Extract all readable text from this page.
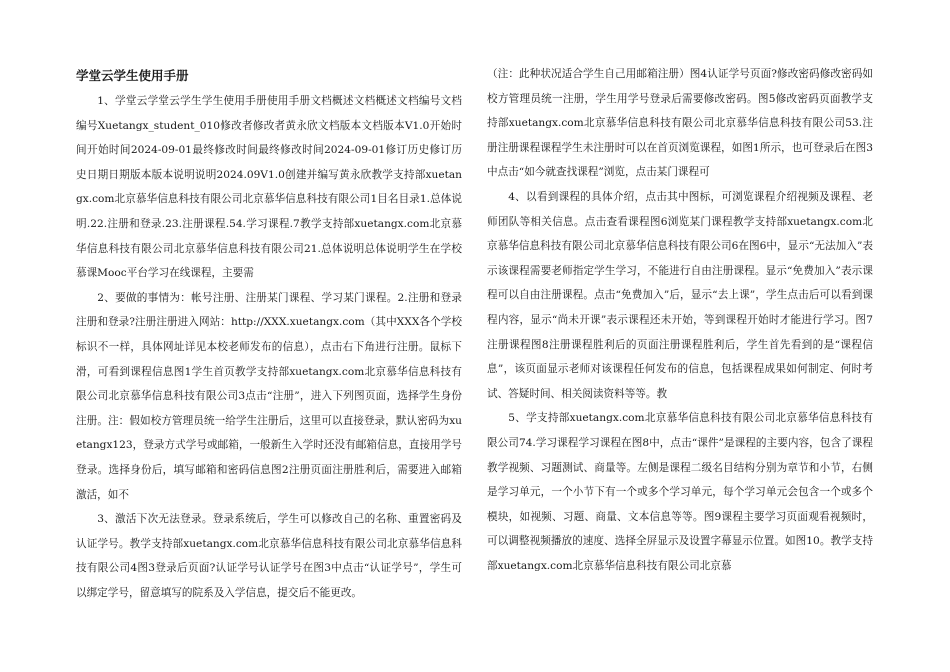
学堂云学生使用手册

1、学堂云学堂云学生学生使用手册使用手册文档概述文档概述文档编号文档编号Xuetangx_student_010修改者修改者黄永欣文档版本文档版本V1.0开始时间开始时间2024-09-01最终修改时间最终修改时间2024-09-01修订历史修订历史日期日期版本版本说明说明2024.09V1.0创建并编写黄永欣教学支持部xuetangx.com北京慕华信息科技有限公司北京慕华信息科技有限公司1目名目录1.总体说明.22.注册和登录.23.注册课程.54.学习课程.7教学支持部xuetangx.com北京慕华信息科技有限公司北京慕华信息科技有限公司21.总体说明总体说明学生在学校慕课Mooc平台学习在线课程，主要需

2、要做的事情为：帐号注册、注册某门课程、学习某门课程。2.注册和登录注册和登录?注册注册进入网站：http://XXX.xuetangx.com（其中XXX各个学校标识不一样，具体网址详见本校老师发布的信息），点击右下角进行注册。鼠标下滑，可看到课程信息图1学生首页教学支持部xuetangx.com北京慕华信息科技有限公司北京慕华信息科技有限公司3点击“注册”，进入下列图页面，选择学生身份注册。注：假如校方管理员统一给学生注册后，这里可以直接登录，默认密码为xuetangx123，登录方式学号或邮箱，一般新生入学时还没有邮箱信息，直接用学号登录。选择身份后，填写邮箱和密码信息图2注册页面注册胜利后，需要进入邮箱激活，如不

3、激活下次无法登录。登录系统后，学生可以修改自己的名称、重置密码及认证学号。教学支持部xuetangx.com北京慕华信息科技有限公司北京慕华信息科技有限公司4图3登录后页面?认证学号认证学号在图3中点击“认证学号”，学生可以绑定学号，留意填写的院系及入学信息，提交后不能更改。

（注：此种状况适合学生自己用邮箱注册）图4认证学号页面?修改密码修改密码如校方管理员统一注册，学生用学号登录后需要修改密码。图5修改密码页面教学支持部xuetangx.com北京慕华信息科技有限公司北京慕华信息科技有限公司53.注册注册课程课程学生未注册时可以在首页浏览课程，如图1所示，也可登录后在图3中点击“如今就查找课程”浏览，点击某门课程可

4、以看到课程的具体介绍，点击其中图标，可浏览课程介绍视频及课程、老师团队等相关信息。点击查看课程图6浏览某门课程教学支持部xuetangx.com北京慕华信息科技有限公司北京慕华信息科技有限公司6在图6中，显示“无法加入”表示该课程需要老师指定学生学习，不能进行自由注册课程。显示“免费加入”表示课程可以自由注册课程。点击“免费加入”后，显示“去上课”，学生点击后可以看到课程内容，显示“尚未开课”表示课程还未开始，等到课程开始时才能进行学习。图7注册课程图8注册课程胜利后的页面注册课程胜利后，学生首先看到的是“课程信息”，该页面显示老师对该课程任何发布的信息，包括课程成果如何制定、何时考试、答疑时间、相关阅读资料等等。教

5、学支持部xuetangx.com北京慕华信息科技有限公司北京慕华信息科技有限公司74.学习课程学习课程在图8中，点击“课件”是课程的主要内容，包含了课程教学视频、习题测试、商量等。左侧是课程二级名目结构分别为章节和小节，右侧是学习单元，一个小节下有一个或多个学习单元，每个学习单元会包含一个或多个模块，如视频、习题、商量、文本信息等等。图9课程主要学习页面观看视频时，可以调整视频播放的速度、选择全屏显示及设置字幕显示位置。如图10。教学支持部xuetangx.com北京慕华信息科技有限公司北京慕
